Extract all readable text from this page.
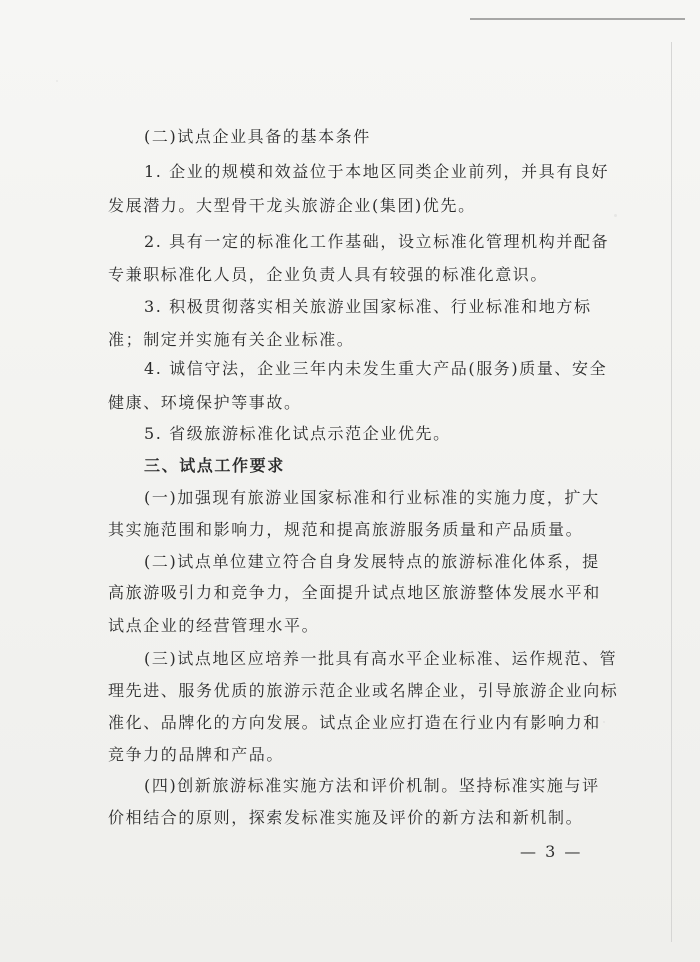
(二)试点企业具备的基本条件
1. 企业的规模和效益位于本地区同类企业前列，并具有良好
发展潜力。大型骨干龙头旅游企业(集团)优先。
2. 具有一定的标准化工作基础，设立标准化管理机构并配备
专兼职标准化人员，企业负责人具有较强的标准化意识。
3. 积极贯彻落实相关旅游业国家标准、行业标准和地方标
准；制定并实施有关企业标准。
4. 诚信守法，企业三年内未发生重大产品(服务)质量、安全
健康、环境保护等事故。
5. 省级旅游标准化试点示范企业优先。
三、试点工作要求
(一)加强现有旅游业国家标准和行业标准的实施力度，扩大
其实施范围和影响力，规范和提高旅游服务质量和产品质量。
(二)试点单位建立符合自身发展特点的旅游标准化体系，提
高旅游吸引力和竞争力，全面提升试点地区旅游整体发展水平和
试点企业的经营管理水平。
(三)试点地区应培养一批具有高水平企业标准、运作规范、管
理先进、服务优质的旅游示范企业或名牌企业，引导旅游企业向标
准化、品牌化的方向发展。试点企业应打造在行业内有影响力和
竞争力的品牌和产品。
(四)创新旅游标准实施方法和评价机制。坚持标准实施与评
价相结合的原则，探索发标准实施及评价的新方法和新机制。
— 3 —
